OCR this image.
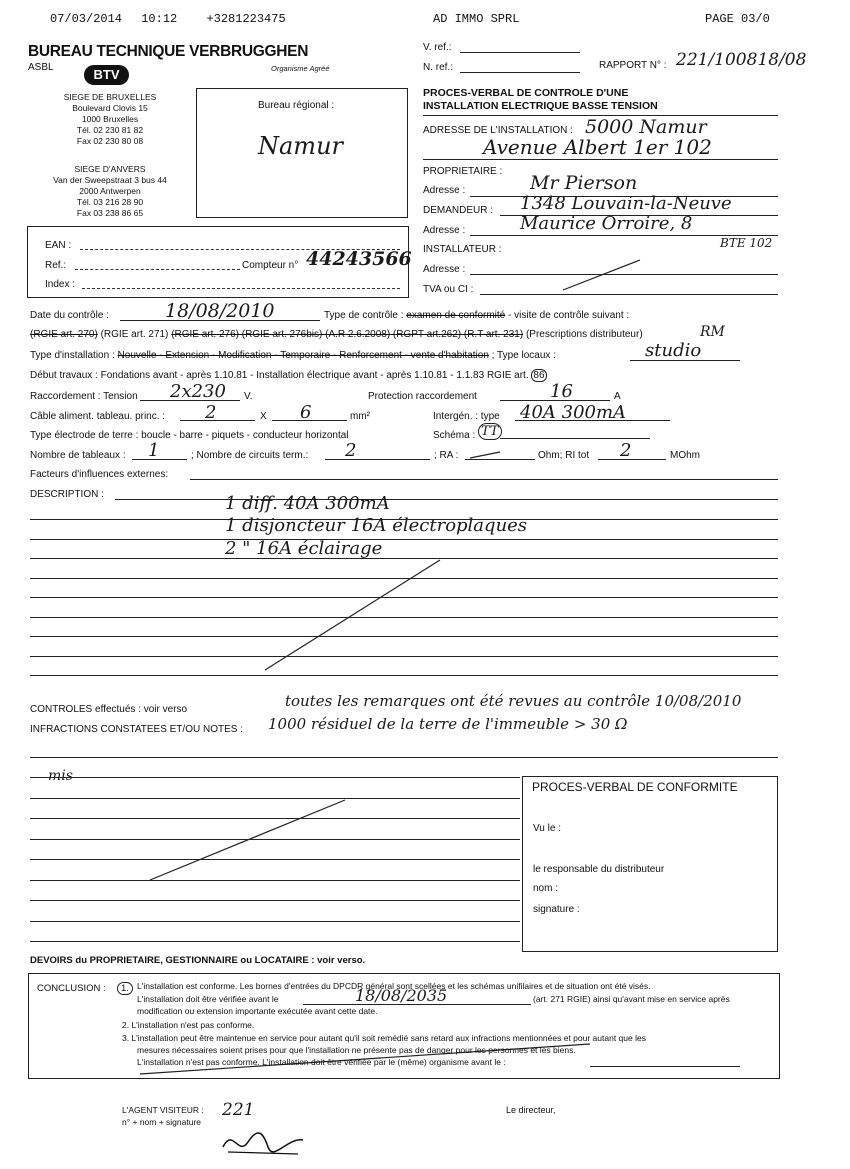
07/03/2014 10:12 +3281223475	AD IMMO SPRL	PAGE 03/0
BUREAU TECHNIQUE VERBRUGGHEN
ASBL	BTV	Organisme Agréé
SIEGE DE BRUXELLES
Boulevard Clovis 15
1000 Bruxelles
Tél. 02 230 81 82
Fax 02 230 80 08
SIEGE D'ANVERS
Van der Sweepstraat 3 bus 44
2000 Antwerpen
Tél. 03 216 28 90
Fax 03 238 86 65
Bureau régional :
Namur
V. ref.:
N. ref.:	RAPPORT N° : 221/100818/08
PROCES-VERBAL DE CONTROLE D'UNE
INSTALLATION ELECTRIQUE BASSE TENSION
ADRESSE DE L'INSTALLATION : 5000 Namur
Avenue Albert 1er 102
PROPRIETAIRE :
Adresse :	Mr Pierson
DEMANDEUR : 1348 Louvain-la-Neuve
Adresse :	Maurice Orroire, 8
INSTALLATEUR :	BTE 102
Adresse :
TVA ou CI :
EAN :
Ref.:	Compteur n° 44243566
Index :
Date du contrôle :	18/08/2010	Type de contrôle : examen de conformité - visite de contrôle suivant :
(RGIE art. 270) (RGIE art. 271) (RGIE art. 276) (RGIE art. 276bis) (A.R 2.6.2008) (RGPT art.262) (R.T art. 231) (Prescriptions distributeur)	RM
Type d'installation : Nouvelle - Extension - Modification - Temporaire - Renforcement - vente d'habitation ; Type locaux :	studio
Début travaux : Fondations avant - après 1.10.81 - Installation électrique avant - après 1.10.81 - 1.1.83 RGIE art. 86
Raccordement : Tension 2x230 V.	Protection raccordement	16	A
Câble aliment. tableau. princ. : 2	X 6	mm²	Intergén. : type 40A 300mA
Type électrode de terre : boucle - barre - piquets - conducteur horizontal	Schéma : TT
Nombre de tableaux : 1	; Nombre de circuits term.: 2	; RA :	Ohm; RI tot 2	MOhm
Facteurs d'influences externes:
DESCRIPTION :	1 diff. 40A 300mA
1 disjoncteur 16A électroplaques
2 " 16A éclairage
CONTROLES effectués : voir verso	toutes les remarques ont été revues au contrôle 10/08/2010
INFRACTIONS CONSTATEES ET/OU NOTES : 1000 résiduel de la terre de l'immeuble > 30 Ω
mis
PROCES-VERBAL DE CONFORMITE
Vu le :
le responsable du distributeur
nom :
signature :
DEVOIRS du PROPRIETAIRE, GESTIONNAIRE ou LOCATAIRE : voir verso.
CONCLUSION :	1. L'installation est conforme. Les bornes d'entrées du DPCDR général sont scellées et les schémas unifilaires et de situation ont été visés.
L'installation doit être vérifiée avant le	18/08/2035	(art. 271 RGIE) ainsi qu'avant mise en service après
modification ou extension importante exécutée avant cette date.
2. L'installation n'est pas conforme.
3. L'installation peut être maintenue en service pour autant qu'il soit remédié sans retard aux infractions mentionnées et pour autant que les
mesures nécessaires soient prises pour que l'installation ne présente pas de danger pour les personnes et les biens.
L'installation n'est pas conforme. L'installation doit être vérifiée par le (même) organisme avant le :
L'AGENT VISITEUR :
n° + nom + signature
221	Le directeur,
